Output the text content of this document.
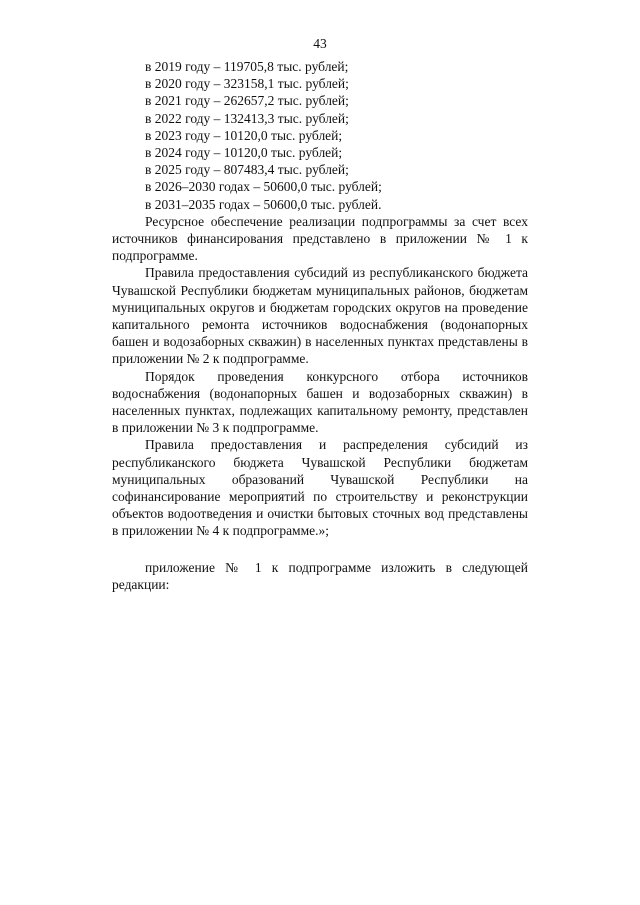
43
в 2019 году – 119705,8 тыс. рублей;
в 2020 году – 323158,1 тыс. рублей;
в 2021 году – 262657,2 тыс. рублей;
в 2022 году – 132413,3 тыс. рублей;
в 2023 году – 10120,0 тыс. рублей;
в 2024 году – 10120,0 тыс. рублей;
в 2025 году – 807483,4 тыс. рублей;
в 2026–2030 годах – 50600,0 тыс. рублей;
в 2031–2035 годах – 50600,0 тыс. рублей.

Ресурсное обеспечение реализации подпрограммы за счет всех источников финансирования представлено в приложении № 1 к подпрограмме.

Правила предоставления субсидий из республиканского бюджета Чувашской Республики бюджетам муниципальных районов, бюджетам муниципальных округов и бюджетам городских округов на проведение капитального ремонта источников водоснабжения (водонапорных башен и водозаборных скважин) в населенных пунктах представлены в приложении № 2 к подпрограмме.

Порядок проведения конкурсного отбора источников водоснабжения (водонапорных башен и водозаборных скважин) в населенных пунктах, подлежащих капитальному ремонту, представлен в приложении № 3 к подпрограмме.

Правила предоставления и распределения субсидий из республиканского бюджета Чувашской Республики бюджетам муниципальных образований Чувашской Республики на софинансирование мероприятий по строительству и реконструкции объектов водоотведения и очистки бытовых сточных вод представлены в приложении № 4 к подпрограмме.»;

приложение № 1 к подпрограмме изложить в следующей редакции:
